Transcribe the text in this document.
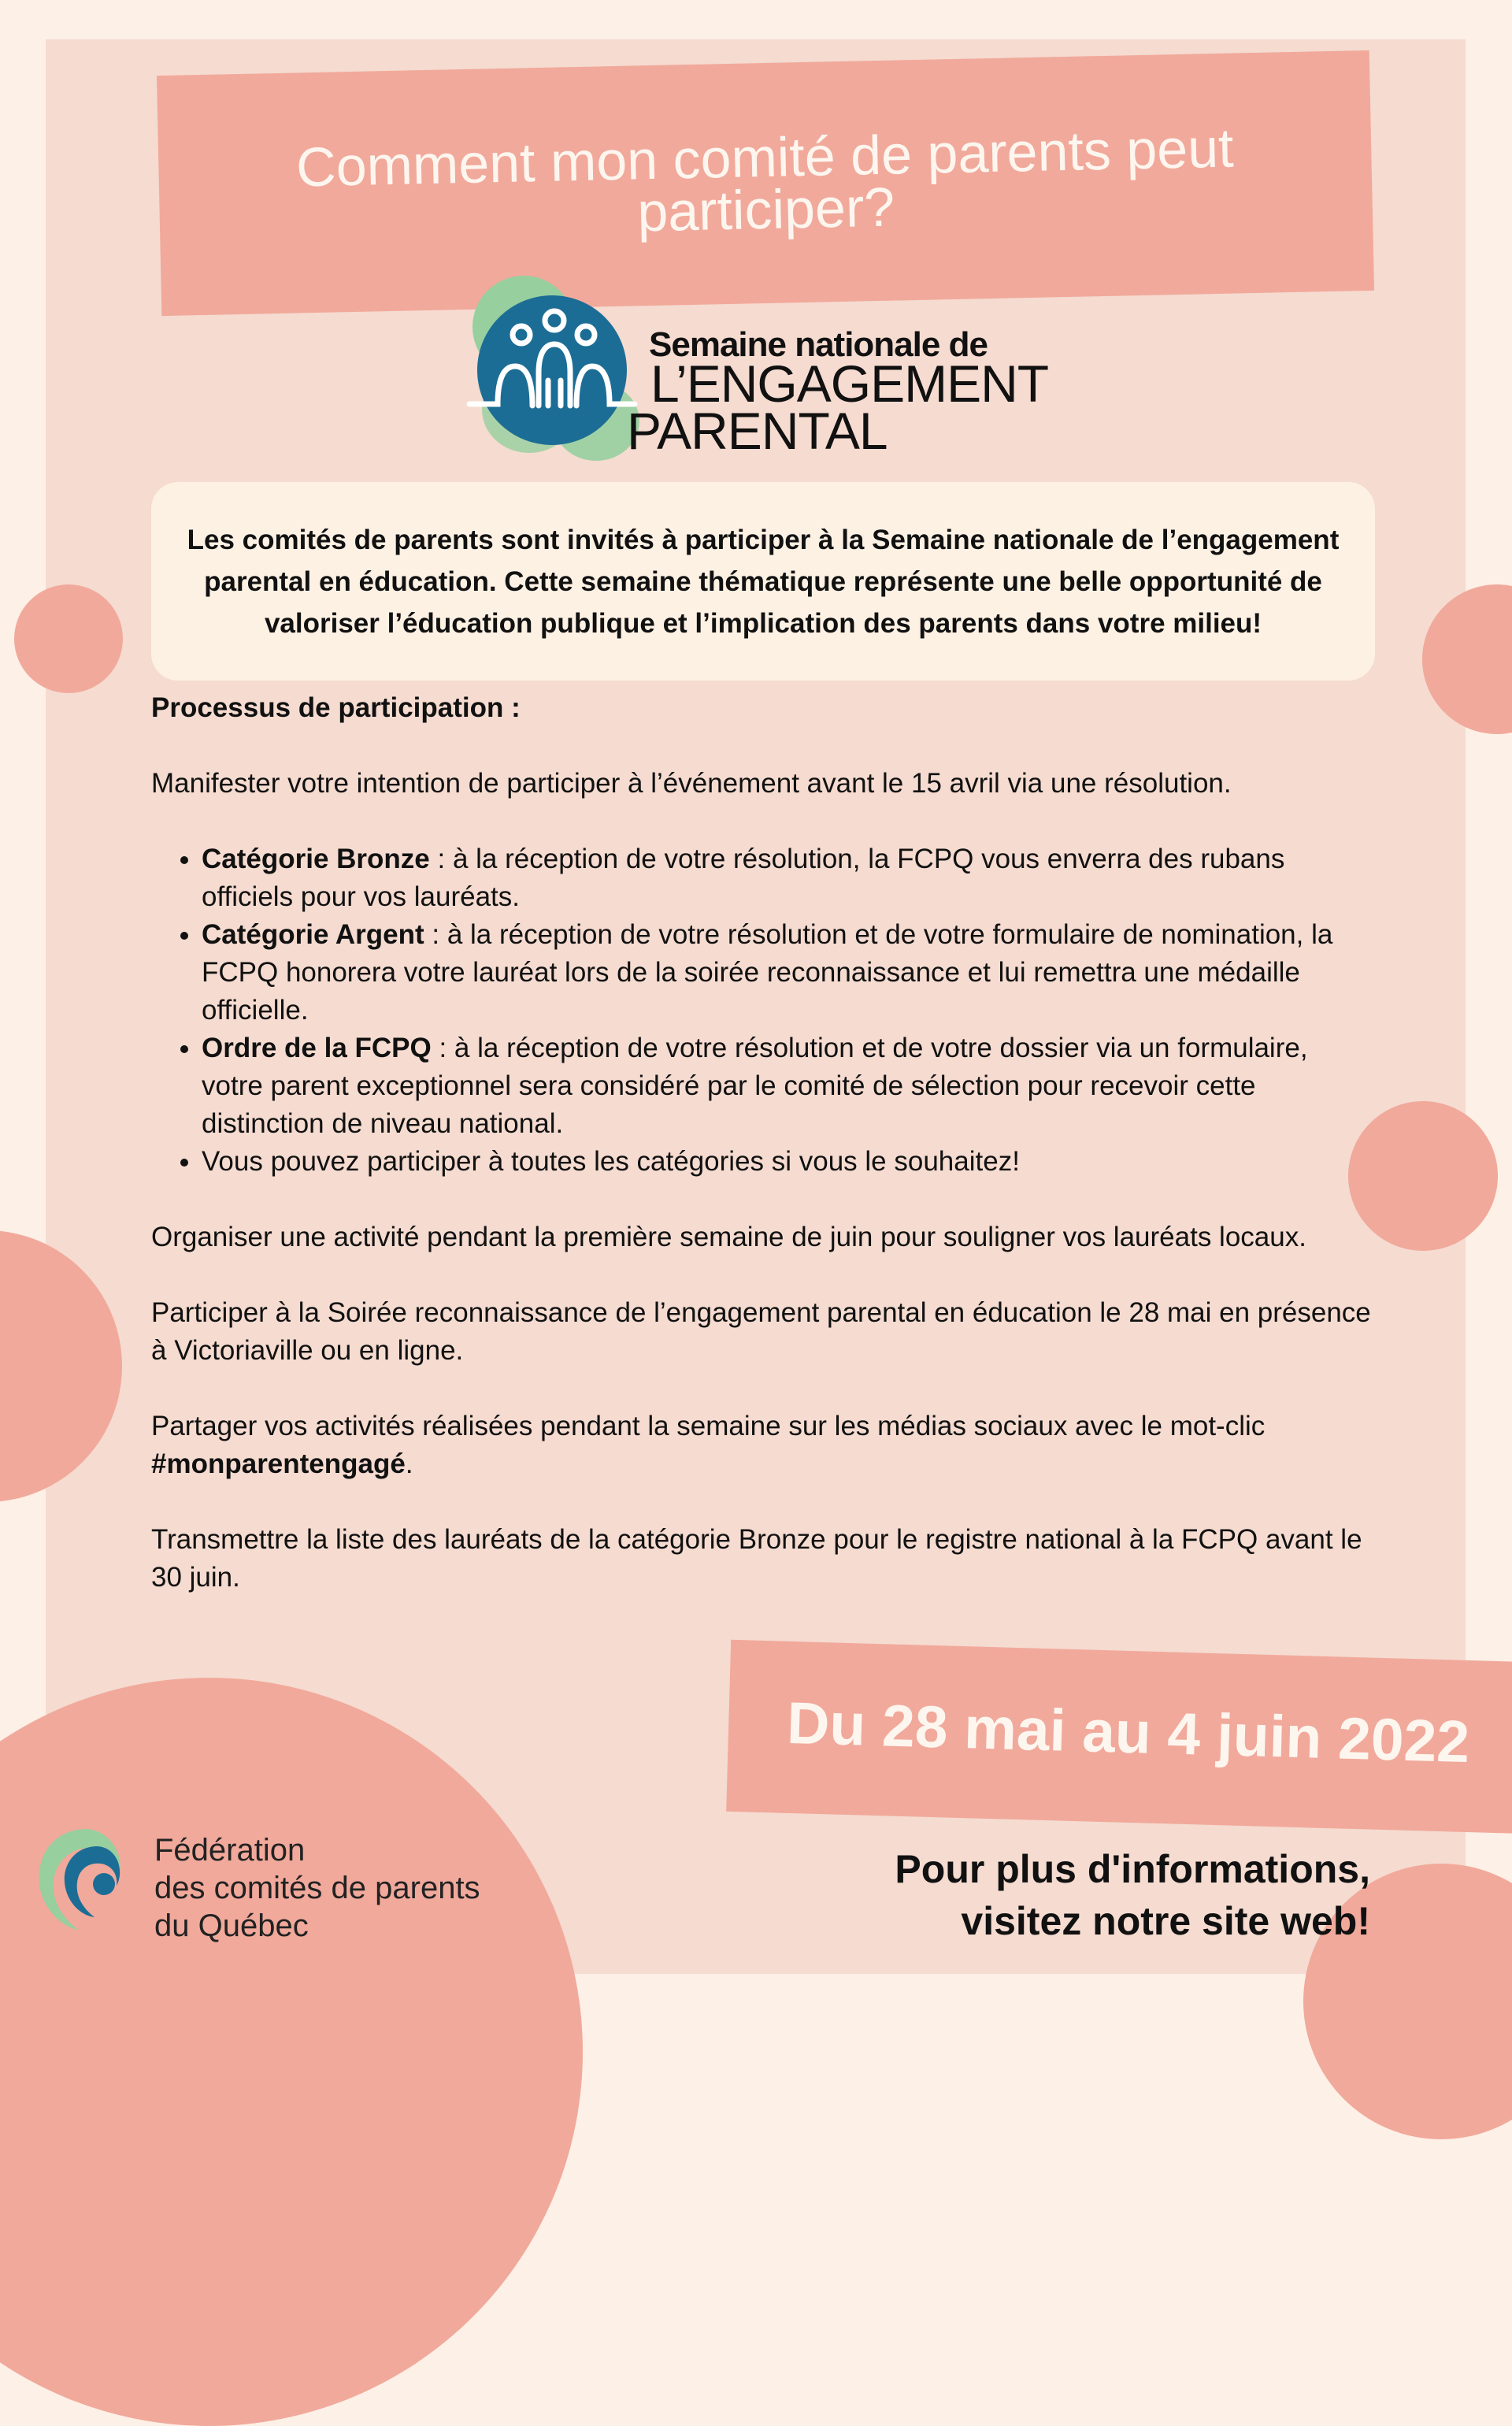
Comment mon comité de parents peut participer?
Semaine nationale de
L’ENGAGEMENT
PARENTAL

Les comités de parents sont invités à participer à la Semaine nationale de l’engagement parental en éducation. Cette semaine thématique représente une belle opportunité de valoriser l’éducation publique et l’implication des parents dans votre milieu!

Processus de participation :

Manifester votre intention de participer à l’événement avant le 15 avril via une résolution.

• Catégorie Bronze : à la réception de votre résolution, la FCPQ vous enverra des rubans officiels pour vos lauréats.
• Catégorie Argent : à la réception de votre résolution et de votre formulaire de nomination, la FCPQ honorera votre lauréat lors de la soirée reconnaissance et lui remettra une médaille officielle.
• Ordre de la FCPQ : à la réception de votre résolution et de votre dossier via un formulaire, votre parent exceptionnel sera considéré par le comité de sélection pour recevoir cette distinction de niveau national.
• Vous pouvez participer à toutes les catégories si vous le souhaitez!

Organiser une activité pendant la première semaine de juin pour souligner vos lauréats locaux.

Participer à la Soirée reconnaissance de l’engagement parental en éducation le 28 mai en présence à Victoriaville ou en ligne.

Partager vos activités réalisées pendant la semaine sur les médias sociaux avec le mot-clic #monparentengagé.

Transmettre la liste des lauréats de la catégorie Bronze pour le registre national à la FCPQ avant le 30 juin.

Du 28 mai au 4 juin 2022
Pour plus d'informations,
visitez notre site web!
Fédération
des comités de parents
du Québec
